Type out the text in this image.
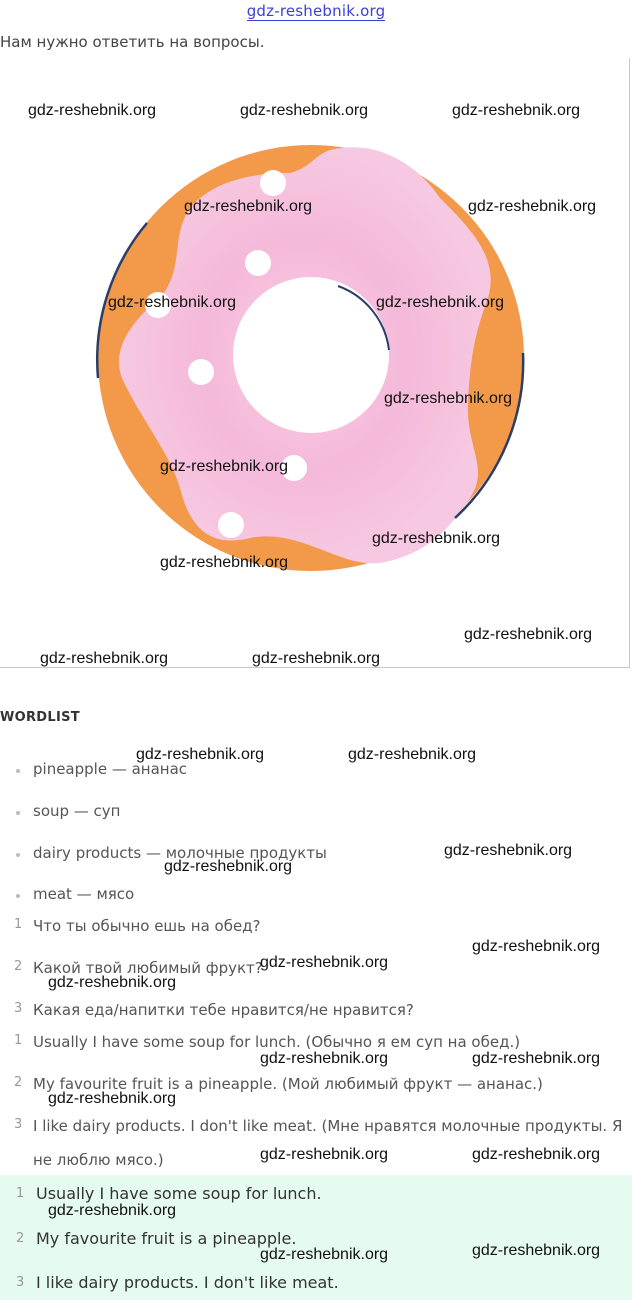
gdz-reshebnik.org
Нам нужно ответить на вопросы.
gdz-reshebnik.org	gdz-reshebnik.org	gdz-reshebnik.org
gdz-reshebnik.org	gdz-reshebnik.org
gdz-reshebnik.org	gdz-reshebnik.org
gdz-reshebnik.org
gdz-reshebnik.org
gdz-reshebnik.org
gdz-reshebnik.org
gdz-reshebnik.org
gdz-reshebnik.org	gdz-reshebnik.org
WORDLIST
pineapple — ананас
soup — суп
dairy products — молочные продукты
meat — мясо
1 Что ты обычно ешь на обед?
2 Какой твой любимый фрукт?
3 Какая еда/напитки тебе нравится/не нравится?
1 Usually I have some soup for lunch. (Обычно я ем суп на обед.)
2 My favourite fruit is a pineapple. (Мой любимый фрукт — ананас.)
3 I like dairy products. I don't like meat. (Мне нравятся молочные продукты. Я
не люблю мясо.)
1 Usually I have some soup for lunch.
2 My favourite fruit is a pineapple.
3 I like dairy products. I don't like meat.
gdz-reshebnik.org	gdz-reshebnik.org
gdz-reshebnik.org
gdz-reshebnik.org
gdz-reshebnik.org
gdz-reshebnik.org
gdz-reshebnik.org
gdz-reshebnik.org	gdz-reshebnik.org
gdz-reshebnik.org
gdz-reshebnik.org	gdz-reshebnik.org
gdz-reshebnik.org
gdz-reshebnik.org	gdz-reshebnik.org
